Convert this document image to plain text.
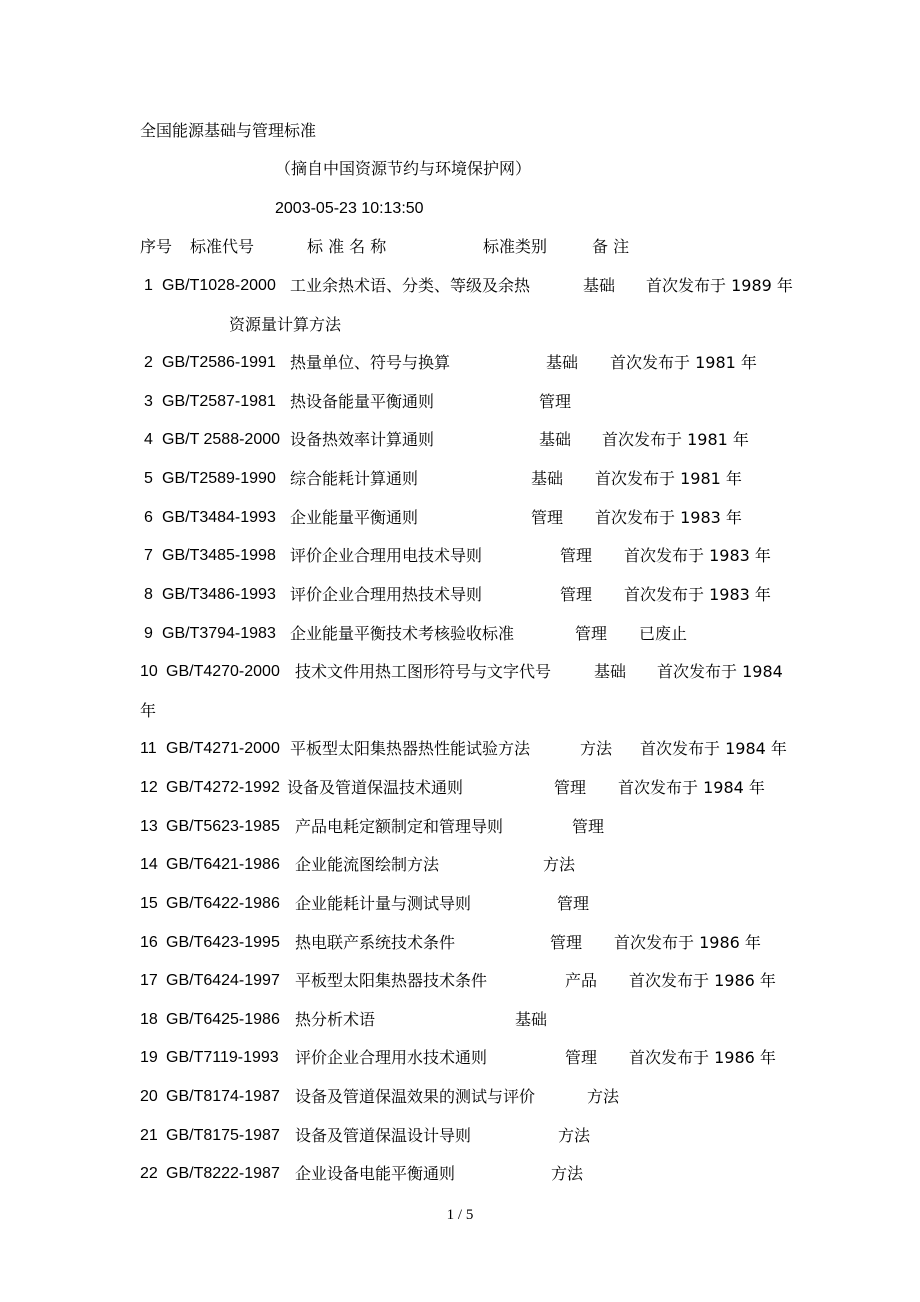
全国能源基础与管理标准
（摘自中国资源节约与环境保护网）
2003-05-23 10:13:50
序号 标准代号	标 准 名 称	标准类别	备 注
1 GB/T1028-2000 工业余热术语、分类、等级及余热	基础 首次发布于 1989 年
资源量计算方法
2 GB/T2586-1991 热量单位、符号与换算	基础 首次发布于 1981 年
3 GB/T2587-1981 热设备能量平衡通则	管理
4 GB/T 2588-2000 设备热效率计算通则	基础 首次发布于 1981 年
5 GB/T2589-1990 综合能耗计算通则	基础 首次发布于 1981 年
6 GB/T3484-1993 企业能量平衡通则	管理 首次发布于 1983 年
7 GB/T3485-1998 评价企业合理用电技术导则	管理 首次发布于 1983 年
8 GB/T3486-1993 评价企业合理用热技术导则	管理 首次发布于 1983 年
9 GB/T3794-1983 企业能量平衡技术考核验收标准	管理 已废止
10 GB/T4270-2000 技术文件用热工图形符号与文字代号	基础 首次发布于 1984
年
11 GB/T4271-2000 平板型太阳集热器热性能试验方法	方法 首次发布于 1984 年
12 GB/T4272-1992 设备及管道保温技术通则	管理 首次发布于 1984 年
13 GB/T5623-1985 产品电耗定额制定和管理导则	管理
14 GB/T6421-1986 企业能流图绘制方法	方法
15 GB/T6422-1986 企业能耗计量与测试导则	管理
16 GB/T6423-1995 热电联产系统技术条件	管理 首次发布于 1986 年
17 GB/T6424-1997 平板型太阳集热器技术条件	产品 首次发布于 1986 年
18 GB/T6425-1986 热分析术语	基础
19 GB/T7119-1993 评价企业合理用水技术通则	管理 首次发布于 1986 年
20 GB/T8174-1987 设备及管道保温效果的测试与评价	方法
21 GB/T8175-1987 设备及管道保温设计导则	方法
22 GB/T8222-1987 企业设备电能平衡通则	方法
1 / 5
